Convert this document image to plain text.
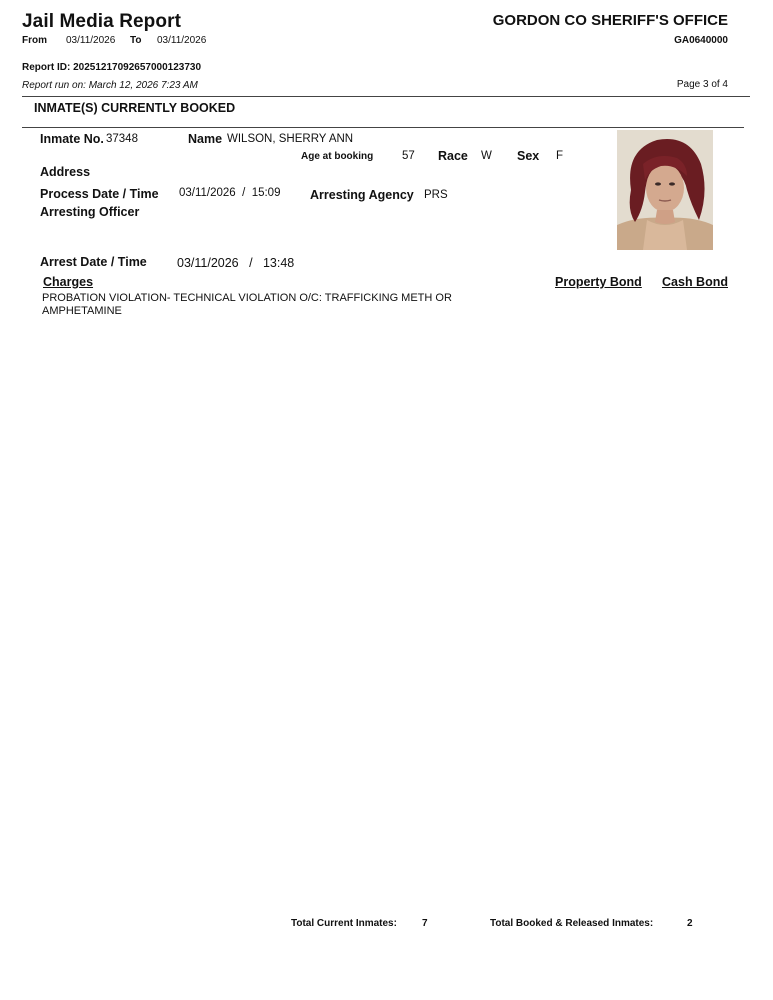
Jail Media Report
From 03/11/2026 To 03/11/2026
GORDON CO SHERIFF'S OFFICE
GA0640000
Report ID: 20251217092657000123730
Report run on: March 12, 2026 7:23 AM	Page 3 of 4
INMATE(S) CURRENTLY BOOKED
Inmate No. 37348	Name WILSON, SHERRY ANN
Age at booking	57 Race W Sex F
Address
Process Date / Time 03/11/2026 / 15:09 Arresting Agency PRS
Arresting Officer
Arrest Date / Time 03/11/2026 / 13:48
Charges	Property Bond Cash Bond
PROBATION VIOLATION- TECHNICAL VIOLATION O/C: TRAFFICKING METH OR AMPHETAMINE
Total Current Inmates:	7	Total Booked & Released Inmates:	2
